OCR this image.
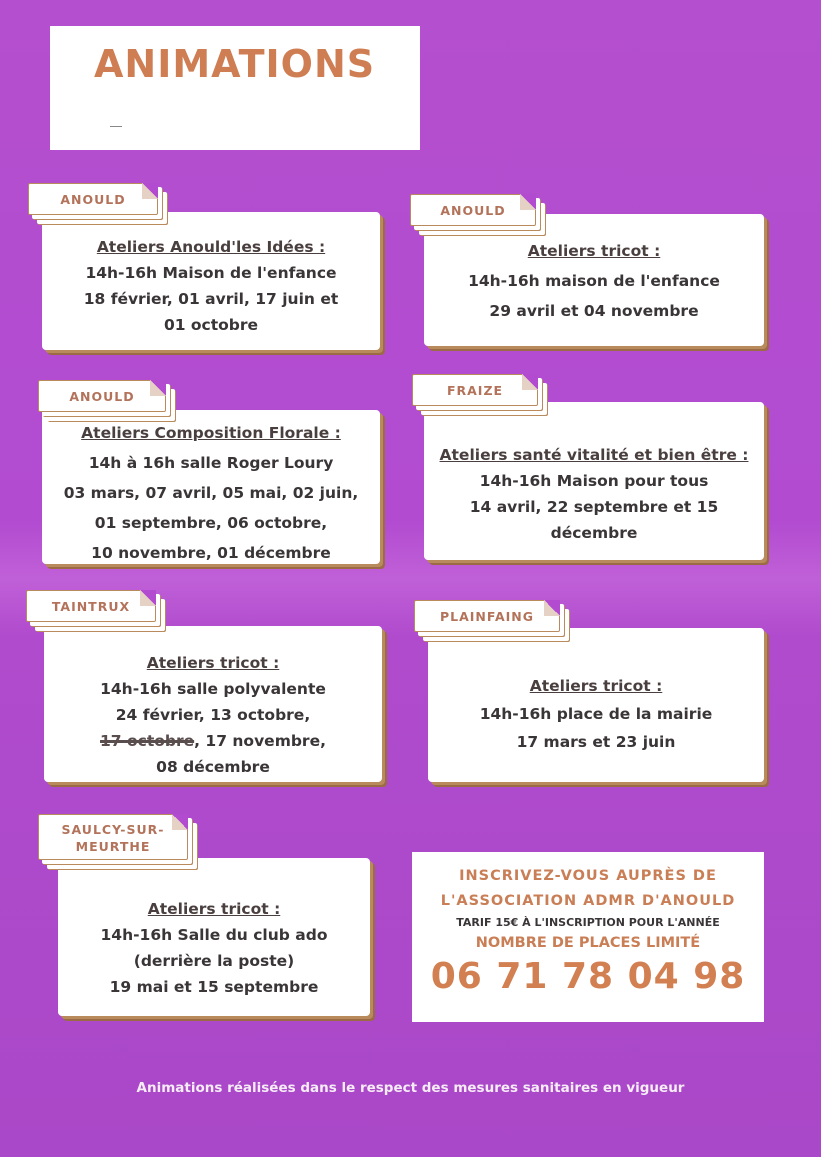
ANIMATIONS
ANOULD
Ateliers Anould'les Idées :
14h-16h Maison de l'enfance
18 février, 01 avril, 17 juin et
01 octobre
ANOULD
Ateliers tricot :
14h-16h maison de l'enfance
29 avril et 04 novembre
ANOULD
Ateliers Composition Florale :
14h à 16h salle Roger Loury
03 mars, 07 avril, 05 mai, 02 juin,
01 septembre, 06 octobre,
10 novembre, 01 décembre
FRAIZE
Ateliers santé vitalité et bien être :
14h-16h Maison pour tous
14 avril, 22 septembre et 15
décembre
TAINTRUX
Ateliers tricot :
14h-16h salle polyvalente
24 février, 13 octobre,
17 octobre, 17 novembre,
08 décembre
PLAINFAING
Ateliers tricot :
14h-16h place de la mairie
17 mars et 23 juin
SAULCY-SUR-
MEURTHE
Ateliers tricot :
14h-16h Salle du club ado
(derrière la poste)
19 mai et 15 septembre
INSCRIVEZ-VOUS AUPRÈS DE
L'ASSOCIATION ADMR D'ANOULD
TARIF 15€ À L'INSCRIPTION POUR L'ANNÉE
NOMBRE DE PLACES LIMITÉ
06 71 78 04 98
Animations réalisées dans le respect des mesures sanitaires en vigueur
